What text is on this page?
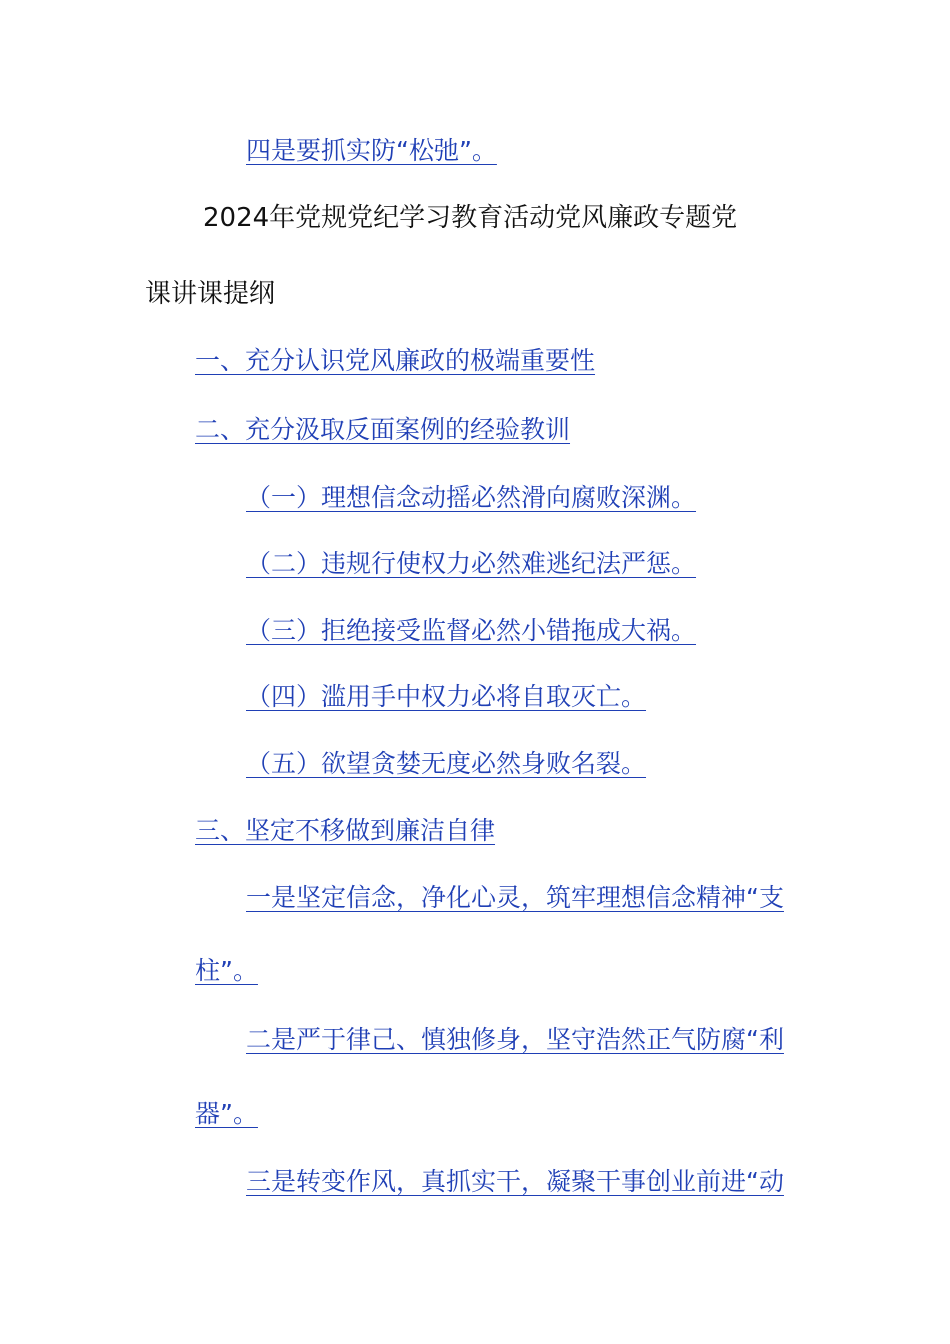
四是要抓实防“松弛”。
2024年党规党纪学习教育活动党风廉政专题党
课讲课提纲
一、充分认识党风廉政的极端重要性
二、充分汲取反面案例的经验教训
（一）理想信念动摇必然滑向腐败深渊。
（二）违规行使权力必然难逃纪法严惩。
（三）拒绝接受监督必然小错拖成大祸。
（四）滥用手中权力必将自取灭亡。
（五）欲望贪婪无度必然身败名裂。
三、坚定不移做到廉洁自律
一是坚定信念，净化心灵，筑牢理想信念精神“支
柱”。
二是严于律己、慎独修身，坚守浩然正气防腐“利
器”。
三是转变作风，真抓实干，凝聚干事创业前进“动
